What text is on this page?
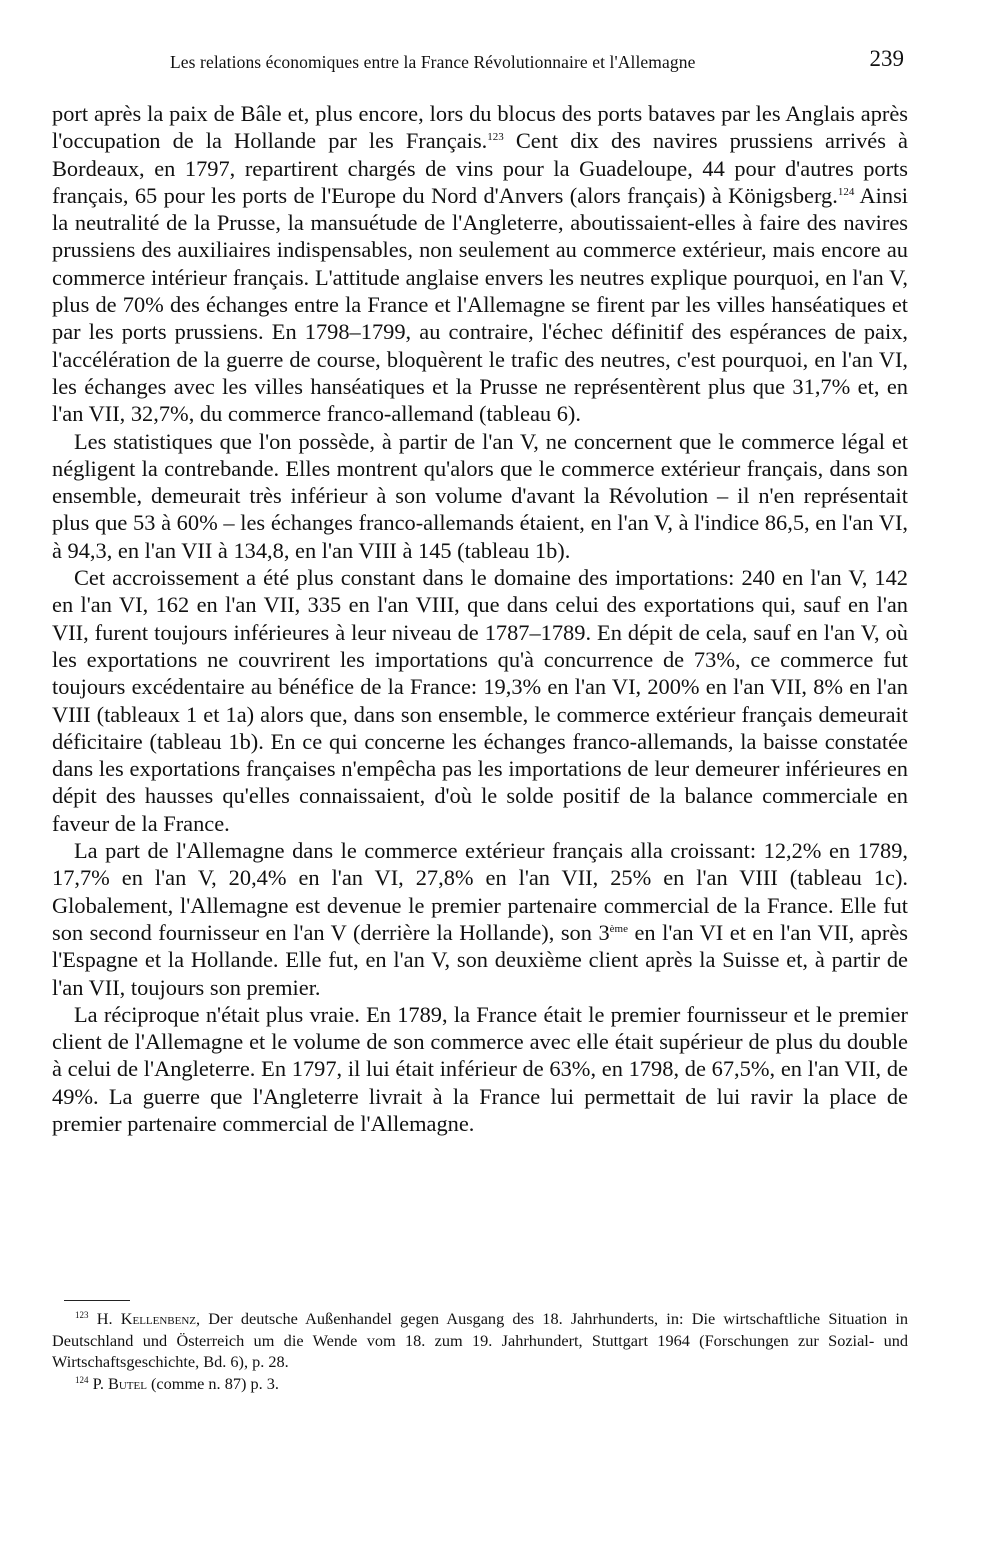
Les relations économiques entre la France Révolutionnaire et l'Allemagne	239

port après la paix de Bâle et, plus encore, lors du blocus des ports bataves par les Anglais après l'occupation de la Hollande par les Français.$^{123}$ Cent dix des navires prussiens arrivés à Bordeaux, en 1797, repartirent chargés de vins pour la Guadeloupe, 44 pour d'autres ports français, 65 pour les ports de l'Europe du Nord d'Anvers (alors français) à Königsberg.$^{124}$ Ainsi la neutralité de la Prusse, la mansuétude de l'Angleterre, aboutissaient-elles à faire des navires prussiens des auxiliaires indispensables, non seulement au commerce extérieur, mais encore au commerce intérieur français. L'attitude anglaise envers les neutres explique pourquoi, en l'an V, plus de 70% des échanges entre la France et l'Allemagne se firent par les villes hanséatiques et par les ports prussiens. En 1798–1799, au contraire, l'échec définitif des espérances de paix, l'accélération de la guerre de course, bloquèrent le trafic des neutres, c'est pourquoi, en l'an VI, les échanges avec les villes hanséatiques et la Prusse ne représentèrent plus que 31,7% et, en l'an VII, 32,7%, du commerce franco-allemand (tableau 6).

Les statistiques que l'on possède, à partir de l'an V, ne concernent que le commerce légal et négligent la contrebande. Elles montrent qu'alors que le commerce extérieur français, dans son ensemble, demeurait très inférieur à son volume d'avant la Révolution – il n'en représentait plus que 53 à 60% – les échanges franco-allemands étaient, en l'an V, à l'indice 86,5, en l'an VI, à 94,3, en l'an VII à 134,8, en l'an VIII à 145 (tableau 1b).

Cet accroissement a été plus constant dans le domaine des importations: 240 en l'an V, 142 en l'an VI, 162 en l'an VII, 335 en l'an VIII, que dans celui des exportations qui, sauf en l'an VII, furent toujours inférieures à leur niveau de 1787–1789. En dépit de cela, sauf en l'an V, où les exportations ne couvrirent les importations qu'à concurrence de 73%, ce commerce fut toujours excédentaire au bénéfice de la France: 19,3% en l'an VI, 200% en l'an VII, 8% en l'an VIII (tableaux 1 et 1a) alors que, dans son ensemble, le commerce extérieur français demeurait déficitaire (tableau 1b). En ce qui concerne les échanges franco-allemands, la baisse constatée dans les exportations françaises n'empêcha pas les importations de leur demeurer inférieures en dépit des hausses qu'elles connaissaient, d'où le solde positif de la balance commerciale en faveur de la France.

La part de l'Allemagne dans le commerce extérieur français alla croissant: 12,2% en 1789, 17,7% en l'an V, 20,4% en l'an VI, 27,8% en l'an VII, 25% en l'an VIII (tableau 1c). Globalement, l'Allemagne est devenue le premier partenaire commercial de la France. Elle fut son second fournisseur en l'an V (derrière la Hollande), son 3ème en l'an VI et en l'an VII, après l'Espagne et la Hollande. Elle fut, en l'an V, son deuxième client après la Suisse et, à partir de l'an VII, toujours son premier.

La réciproque n'était plus vraie. En 1789, la France était le premier fournisseur et le premier client de l'Allemagne et le volume de son commerce avec elle était supérieur de plus du double à celui de l'Angleterre. En 1797, il lui était inférieur de 63%, en 1798, de 67,5%, en l'an VII, de 49%. La guerre que l'Angleterre livrait à la France lui permettait de lui ravir la place de premier partenaire commercial de l'Allemagne.

$^{123}$ H. Kellenbenz, Der deutsche Außenhandel gegen Ausgang des 18. Jahrhunderts, in: Die wirtschaftliche Situation in Deutschland und Österreich um die Wende vom 18. zum 19. Jahrhundert, Stuttgart 1964 (Forschungen zur Sozial- und Wirtschaftsgeschichte, Bd. 6), p. 28.

$^{124}$ P. Butel (comme n. 87) p. 3.
